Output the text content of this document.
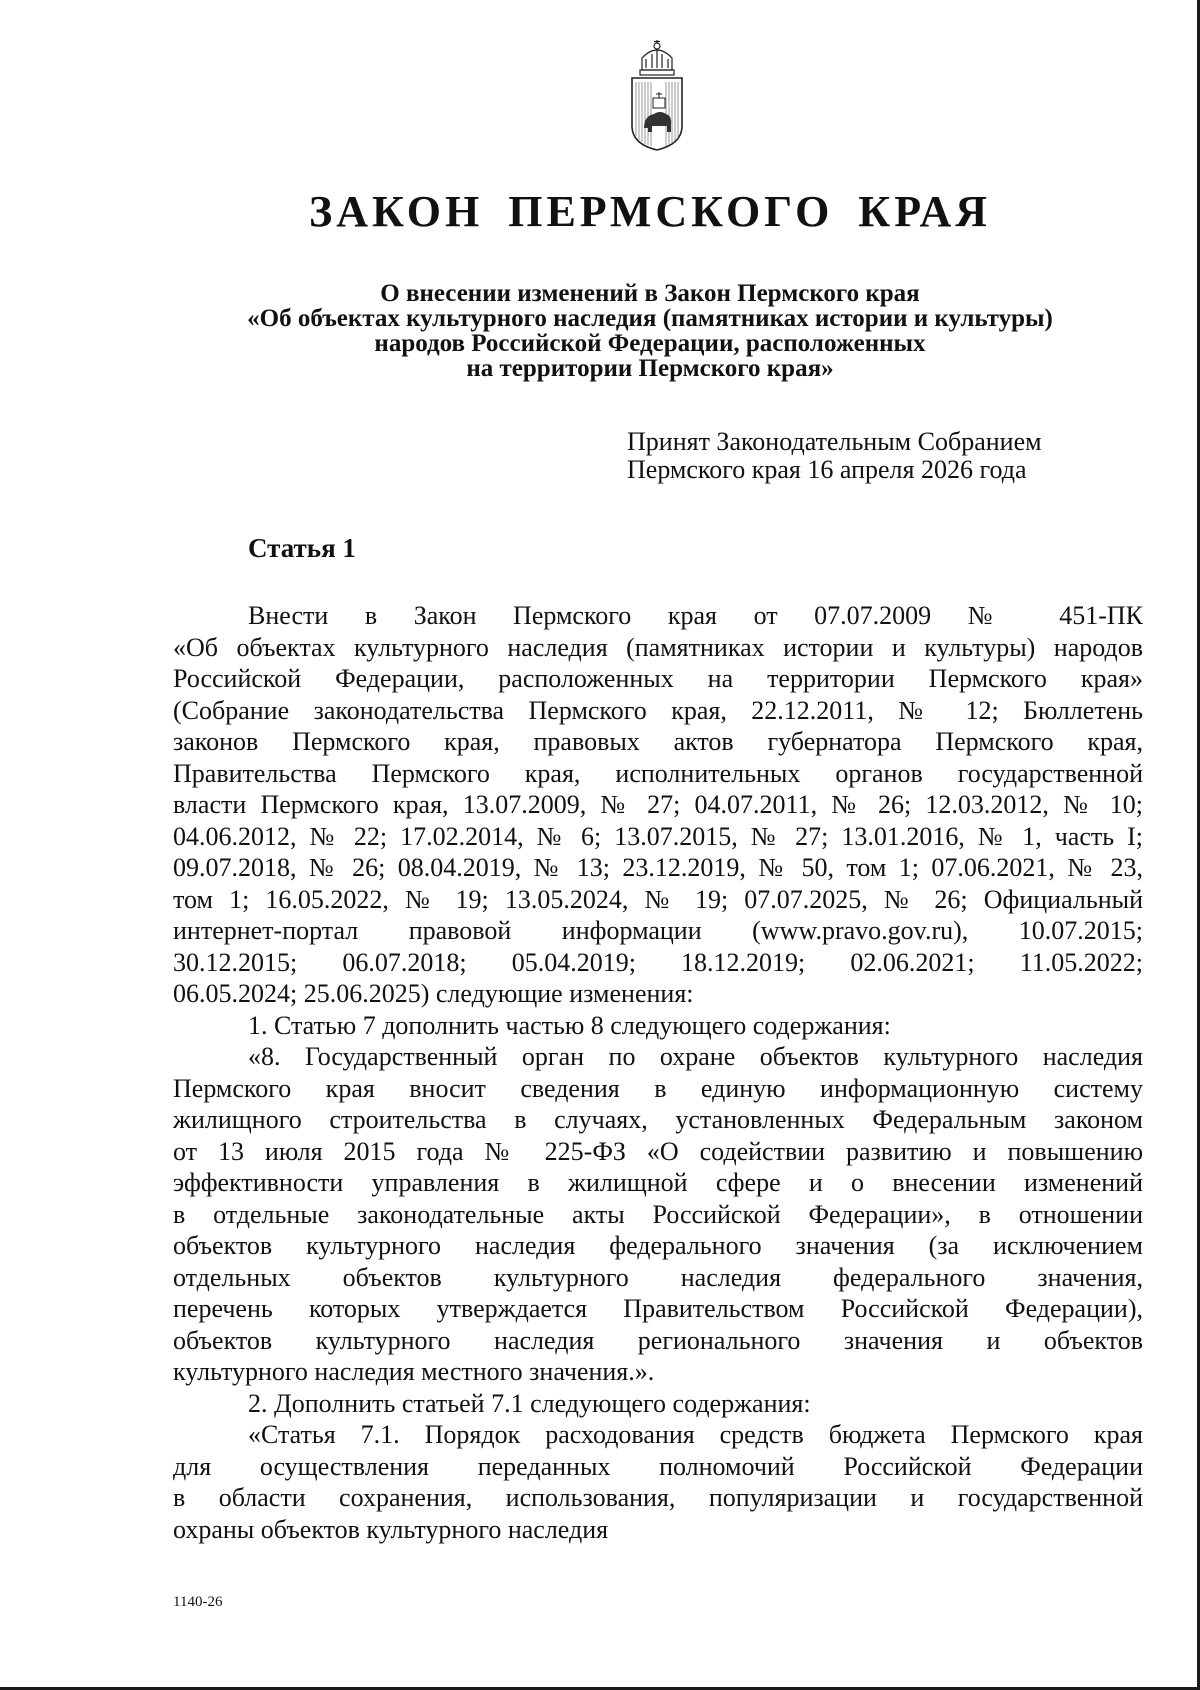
ЗАКОН ПЕРМСКОГО КРАЯ
О внесении изменений в Закон Пермского края
«Об объектах культурного наследия (памятниках истории и культуры)
народов Российской Федерации, расположенных
на территории Пермского края»
Принят Законодательным Собранием
Пермского края 16 апреля 2026 года
Статья 1
Внести в Закон Пермского края от 07.07.2009 № 451-ПК
«Об объектах культурного наследия (памятниках истории и культуры) народов
Российской Федерации, расположенных на территории Пермского края»
(Собрание законодательства Пермского края, 22.12.2011, № 12; Бюллетень
законов Пермского края, правовых актов губернатора Пермского края,
Правительства Пермского края, исполнительных органов государственной
власти Пермского края, 13.07.2009, № 27; 04.07.2011, № 26; 12.03.2012, № 10;
04.06.2012, № 22; 17.02.2014, № 6; 13.07.2015, № 27; 13.01.2016, № 1, часть I;
09.07.2018, № 26; 08.04.2019, № 13; 23.12.2019, № 50, том 1; 07.06.2021, № 23,
том 1; 16.05.2022, № 19; 13.05.2024, № 19; 07.07.2025, № 26; Официальный
интернет-портал правовой информации (www.pravo.gov.ru), 10.07.2015;
30.12.2015; 06.07.2018; 05.04.2019; 18.12.2019; 02.06.2021; 11.05.2022;
06.05.2024; 25.06.2025) следующие изменения:
1. Статью 7 дополнить частью 8 следующего содержания:
«8. Государственный орган по охране объектов культурного наследия
Пермского края вносит сведения в единую информационную систему
жилищного строительства в случаях, установленных Федеральным законом
от 13 июля 2015 года № 225-ФЗ «О содействии развитию и повышению
эффективности управления в жилищной сфере и о внесении изменений
в отдельные законодательные акты Российской Федерации», в отношении
объектов культурного наследия федерального значения (за исключением
отдельных объектов культурного наследия федерального значения,
перечень которых утверждается Правительством Российской Федерации),
объектов культурного наследия регионального значения и объектов
культурного наследия местного значения.».
2. Дополнить статьей 7.1 следующего содержания:
«Статья 7.1. Порядок расходования средств бюджета Пермского края
для осуществления переданных полномочий Российской Федерации
в области сохранения, использования, популяризации и государственной
охраны объектов культурного наследия
1140-26
